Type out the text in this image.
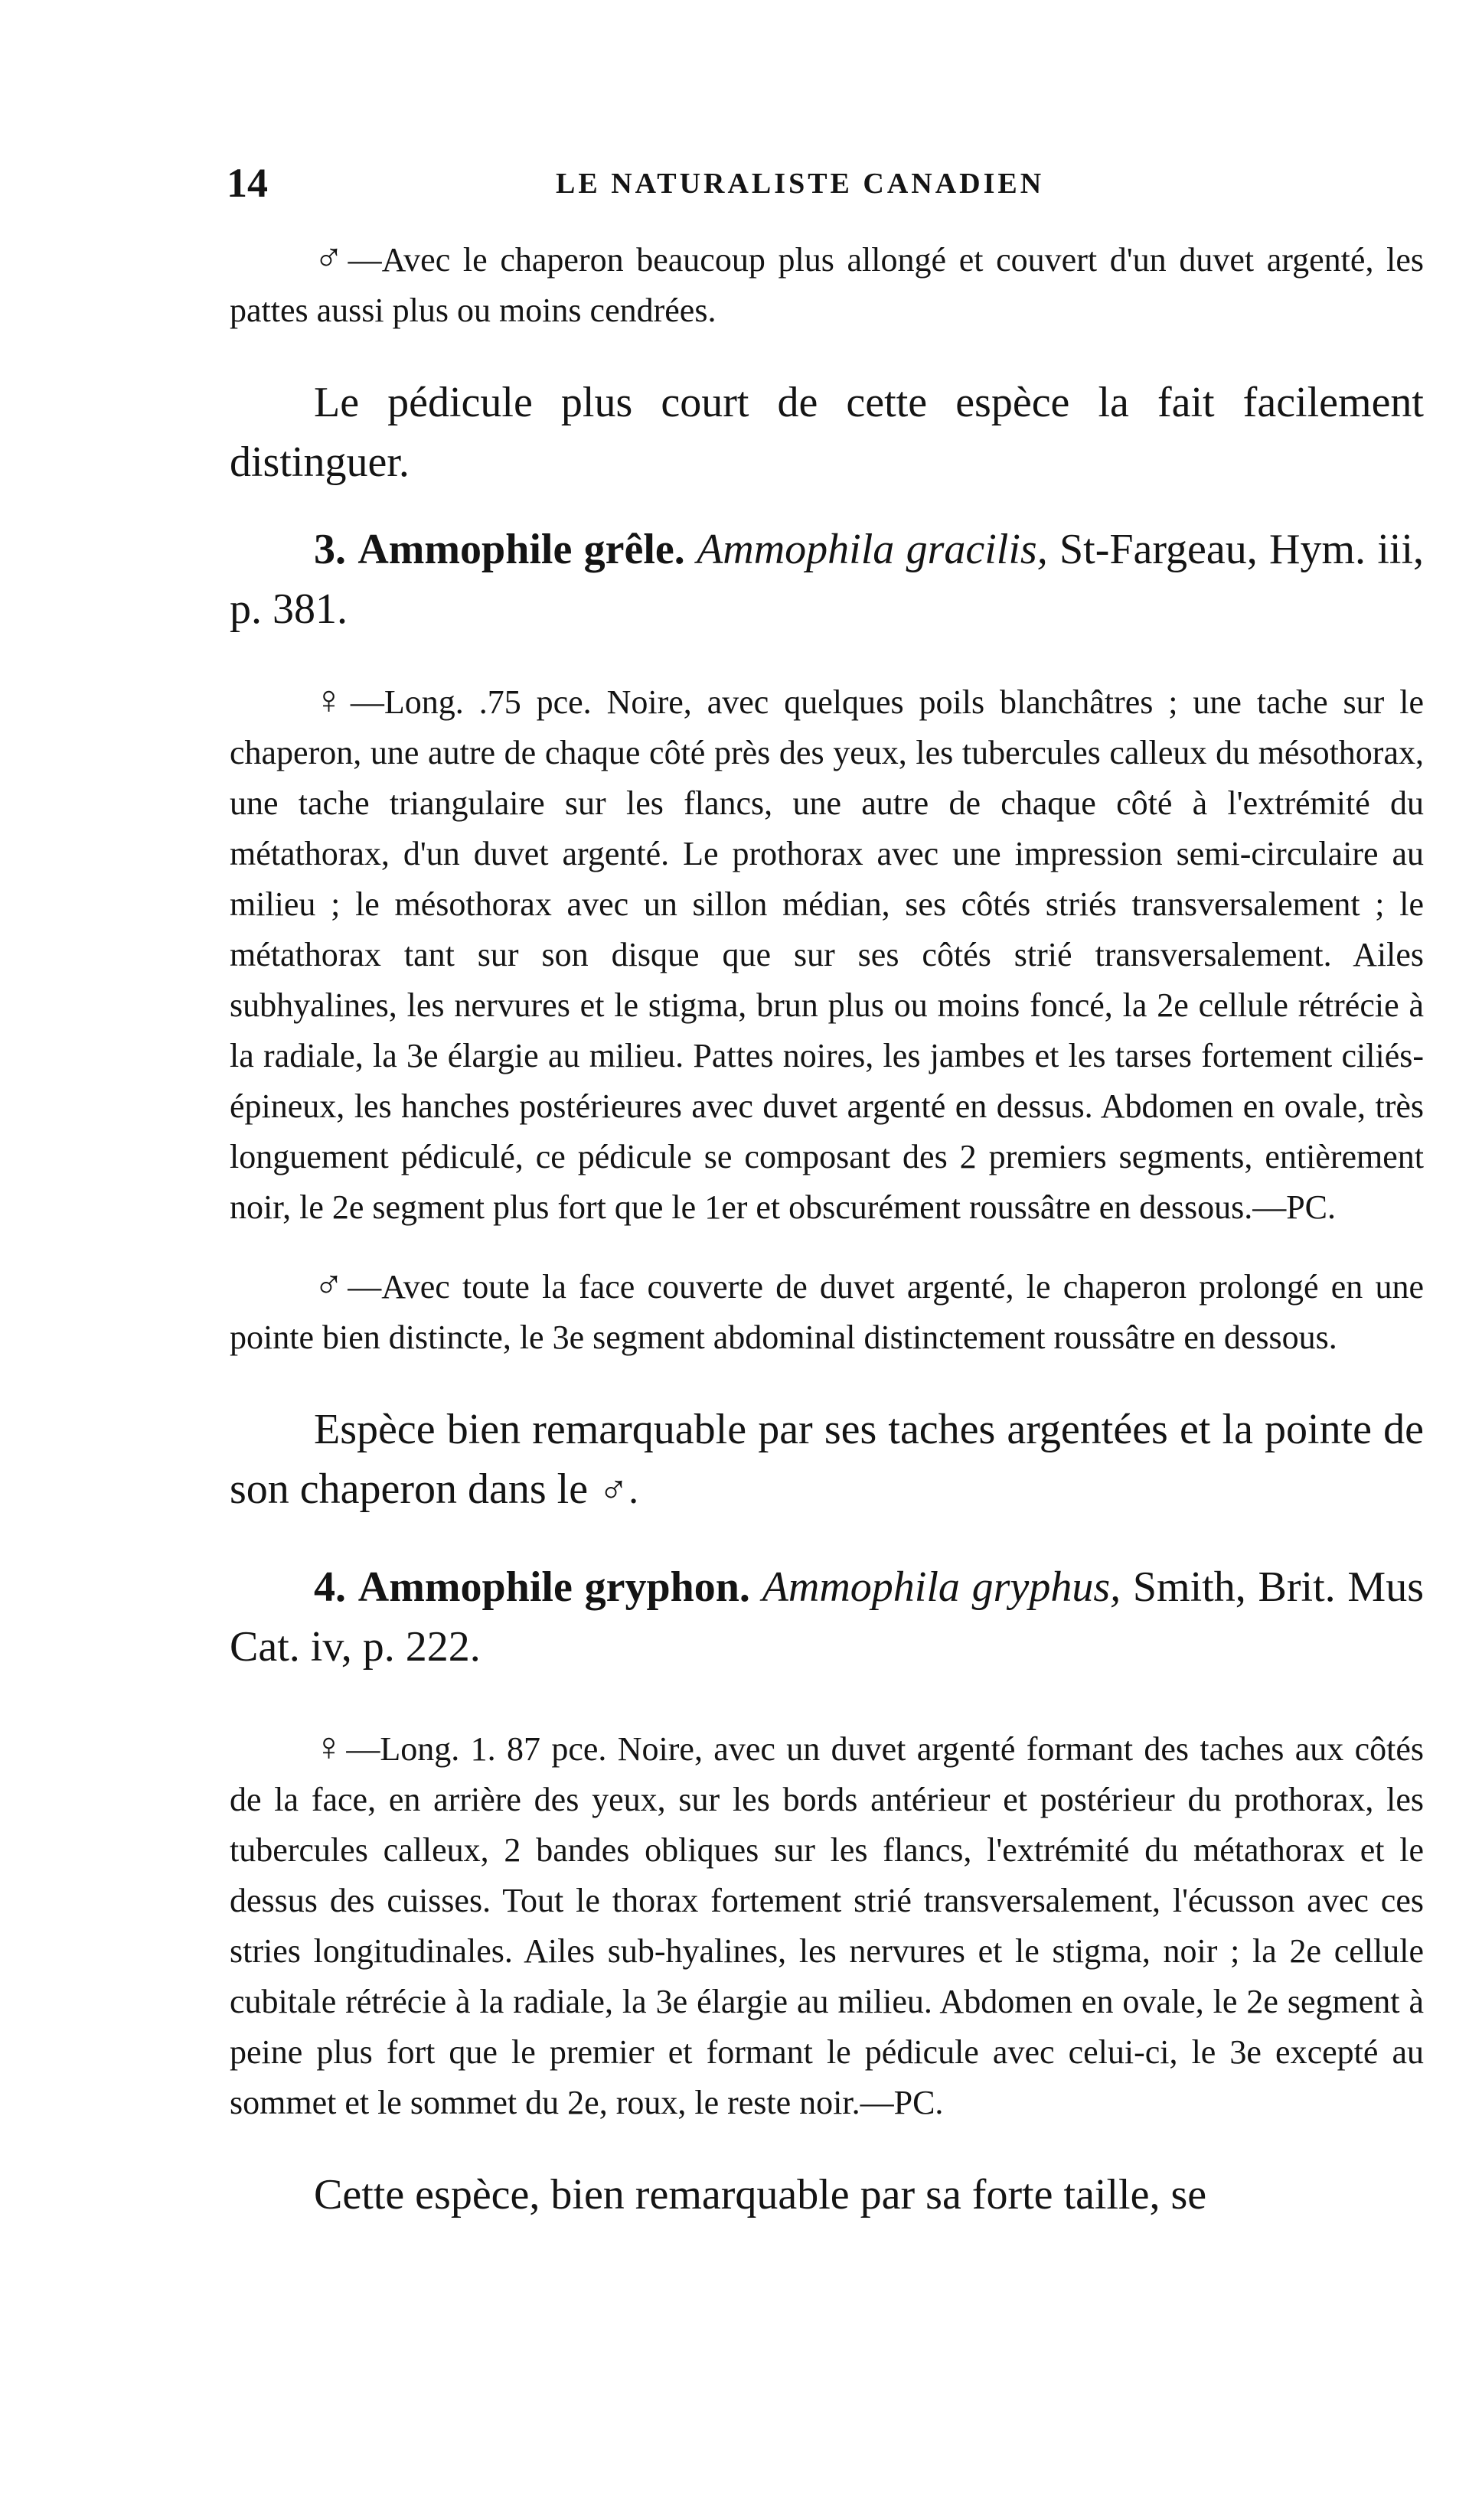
14	LE NATURALISTE CANADIEN

♂—Avec le chaperon beaucoup plus allongé et couvert d'un duvet argenté, les pattes aussi plus ou moins cendrées.

Le pédicule plus court de cette espèce la fait facilement distinguer.

3. Ammophile grêle. Ammophila gracilis, St-Fargeau, Hym. iii, p. 381.

♀—Long. .75 pce. Noire, avec quelques poils blanchâtres ; une tache sur le chaperon, une autre de chaque côté près des yeux, les tubercules calleux du mésothorax, une tache triangulaire sur les flancs, une autre de chaque côté à l'extrémité du métathorax, d'un duvet argenté. Le prothorax avec une impression semi-circulaire au milieu ; le mésothorax avec un sillon médian, ses côtés striés transversalement ; le métathorax tant sur son disque que sur ses côtés strié transversalement. Ailes subhyalines, les nervures et le stigma, brun plus ou moins foncé, la 2e cellule rétrécie à la radiale, la 3e élargie au milieu. Pattes noires, les jambes et les tarses fortement ciliés-épineux, les hanches postérieures avec duvet argenté en dessus. Abdomen en ovale, très longuement pédiculé, ce pédicule se composant des 2 premiers segments, entièrement noir, le 2e segment plus fort que le 1er et obscurément roussâtre en dessous.—PC.

♂—Avec toute la face couverte de duvet argenté, le chaperon prolongé en une pointe bien distincte, le 3e segment abdominal distinctement roussâtre en dessous.

Espèce bien remarquable par ses taches argentées et la pointe de son chaperon dans le ♂.

4. Ammophile gryphon. Ammophila gryphus, Smith, Brit. Mus Cat. iv, p. 222.

♀—Long. 1. 87 pce. Noire, avec un duvet argenté formant des taches aux côtés de la face, en arrière des yeux, sur les bords antérieur et postérieur du prothorax, les tubercules calleux, 2 bandes obliques sur les flancs, l'extrémité du métathorax et le dessus des cuisses. Tout le thorax fortement strié transversalement, l'écusson avec ces stries longitudinales. Ailes sub-hyalines, les nervures et le stigma, noir ; la 2e cellule cubitale rétrécie à la radiale, la 3e élargie au milieu. Abdomen en ovale, le 2e segment à peine plus fort que le premier et formant le pédicule avec celui-ci, le 3e excepté au sommet et le sommet du 2e, roux, le reste noir.—PC.

Cette espèce, bien remarquable par sa forte taille, se
